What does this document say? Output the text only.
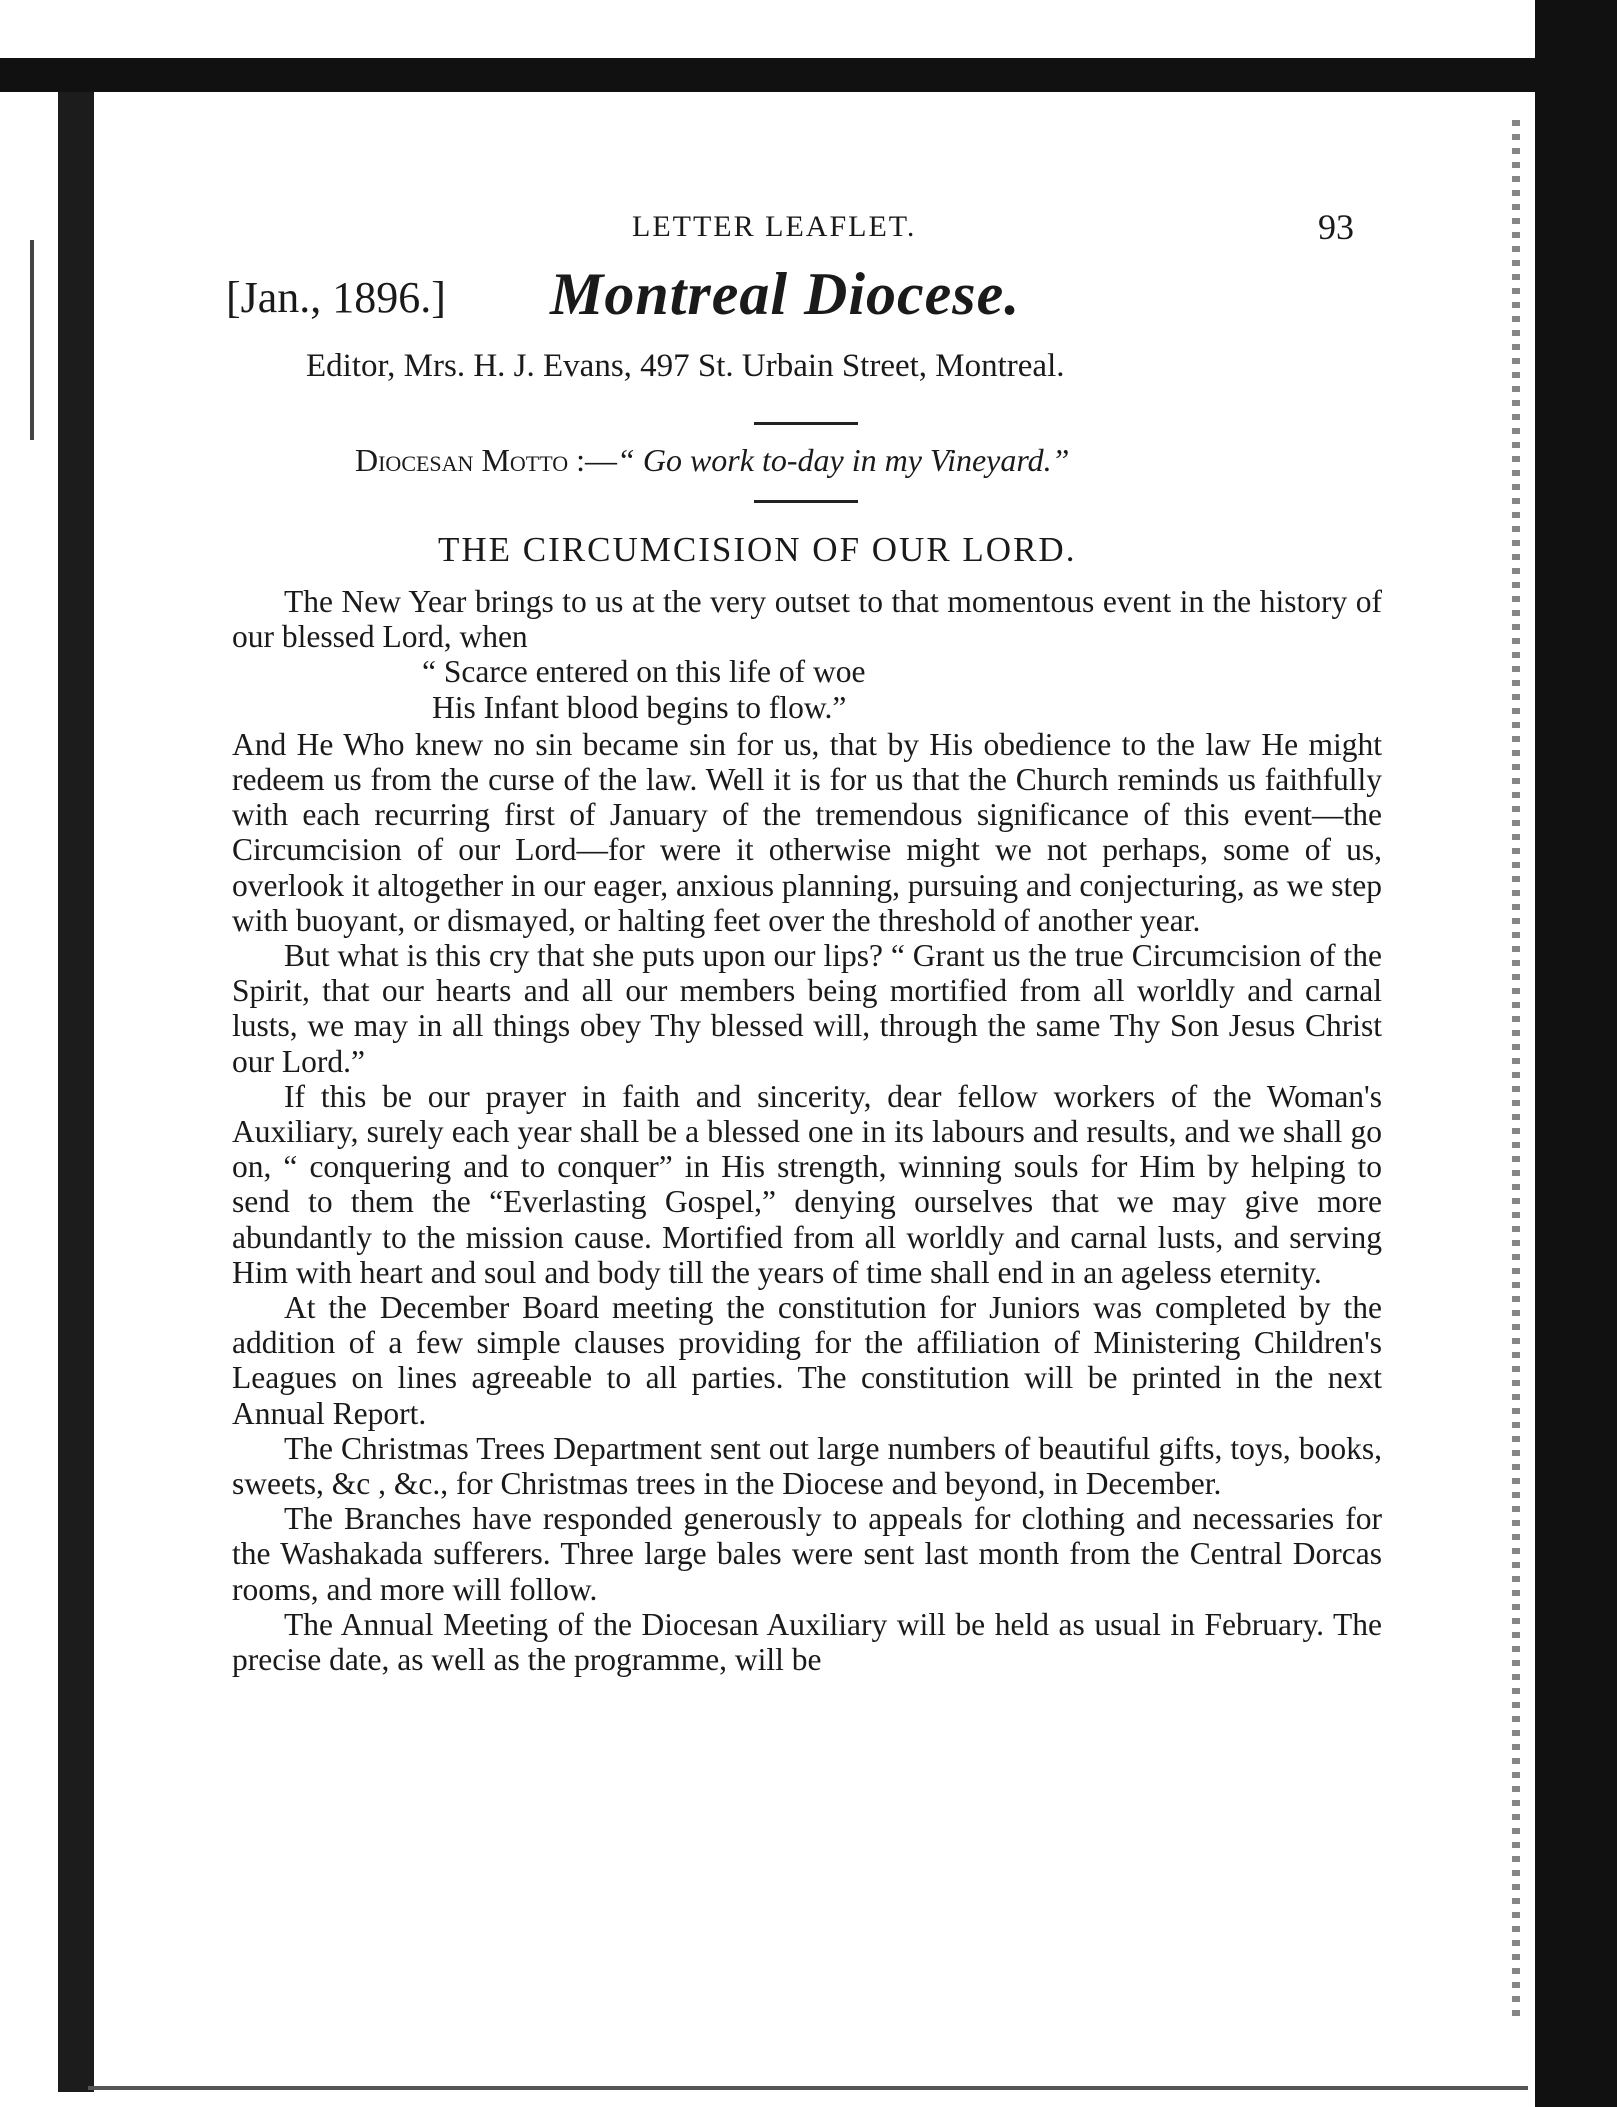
LETTER LEAFLET.	93
[Jan., 1896.] Montreal Diocese.
Editor, Mrs. H. J. Evans, 497 St. Urbain Street, Montreal.
Diocesan Motto :—“ Go work to-day in my Vineyard.”
THE CIRCUMCISION OF OUR LORD.

The New Year brings to us at the very outset to that momentous event in the history of our blessed Lord, when

“ Scarce entered on this life of woe
His Infant blood begins to flow.”

And He Who knew no sin became sin for us, that by His obedience to the law He might redeem us from the curse of the law. Well it is for us that the Church reminds us faithfully with each recurring first of January of the tremendous significance of this event—the Circumcision of our Lord—for were it otherwise might we not perhaps, some of us, overlook it altogether in our eager, anxious planning, pursuing and conjecturing, as we step with buoyant, or dismayed, or halting feet over the threshold of another year.

But what is this cry that she puts upon our lips? “ Grant us the true Circumcision of the Spirit, that our hearts and all our members being mortified from all worldly and carnal lusts, we may in all things obey Thy blessed will, through the same Thy Son Jesus Christ our Lord.”

If this be our prayer in faith and sincerity, dear fellow workers of the Woman's Auxiliary, surely each year shall be a blessed one in its labours and results, and we shall go on, “ conquering and to conquer” in His strength, winning souls for Him by helping to send to them the “Everlasting Gospel,” denying ourselves that we may give more abundantly to the mission cause. Mortified from all worldly and carnal lusts, and serving Him with heart and soul and body till the years of time shall end in an ageless eternity.

At the December Board meeting the constitution for Juniors was completed by the addition of a few simple clauses providing for the affiliation of Ministering Children's Leagues on lines agreeable to all parties. The constitution will be printed in the next Annual Report.

The Christmas Trees Department sent out large numbers of beautiful gifts, toys, books, sweets, &c , &c., for Christmas trees in the Diocese and beyond, in December.

The Branches have responded generously to appeals for clothing and necessaries for the Washakada sufferers. Three large bales were sent last month from the Central Dorcas rooms, and more will follow.

The Annual Meeting of the Diocesan Auxiliary will be held as usual in February. The precise date, as well as the programme, will be
